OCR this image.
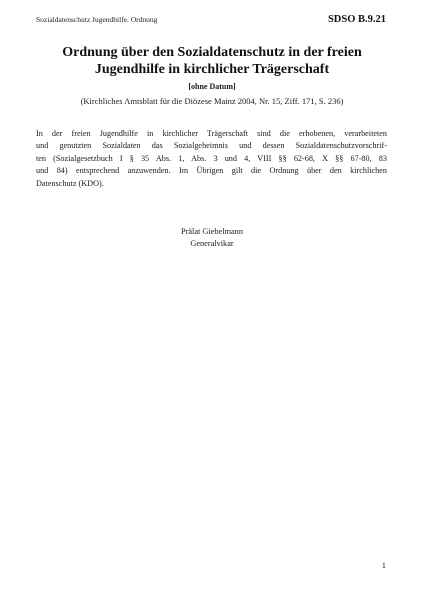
Sozialdatenschutz Jugendhilfe. Ordnung	SDSO B.9.21
Ordnung über den Sozialdatenschutz in der freien
Jugendhilfe in kirchlicher Trägerschaft
[ohne Datum]
(Kirchliches Amtsblatt für die Diözese Mainz 2004, Nr. 15, Ziff. 171, S. 236)

In der freien Jugendhilfe in kirchlicher Trägerschaft sind die erhobenen, verarbeiteten
und genutzten Sozialdaten das Sozialgeheimnis und dessen Sozialdatenschutzvorschrif-
ten (Sozialgesetzbuch I § 35 Abs. 1, Abs. 3 und 4, VIII §§ 62-68, X §§ 67-80, 83
und 84) entsprechend anzuwenden. Im Übrigen gilt die Ordnung über den kirchlichen
Datenschutz (KDO).

Prälat Giebelmann
Generalvikar
1
